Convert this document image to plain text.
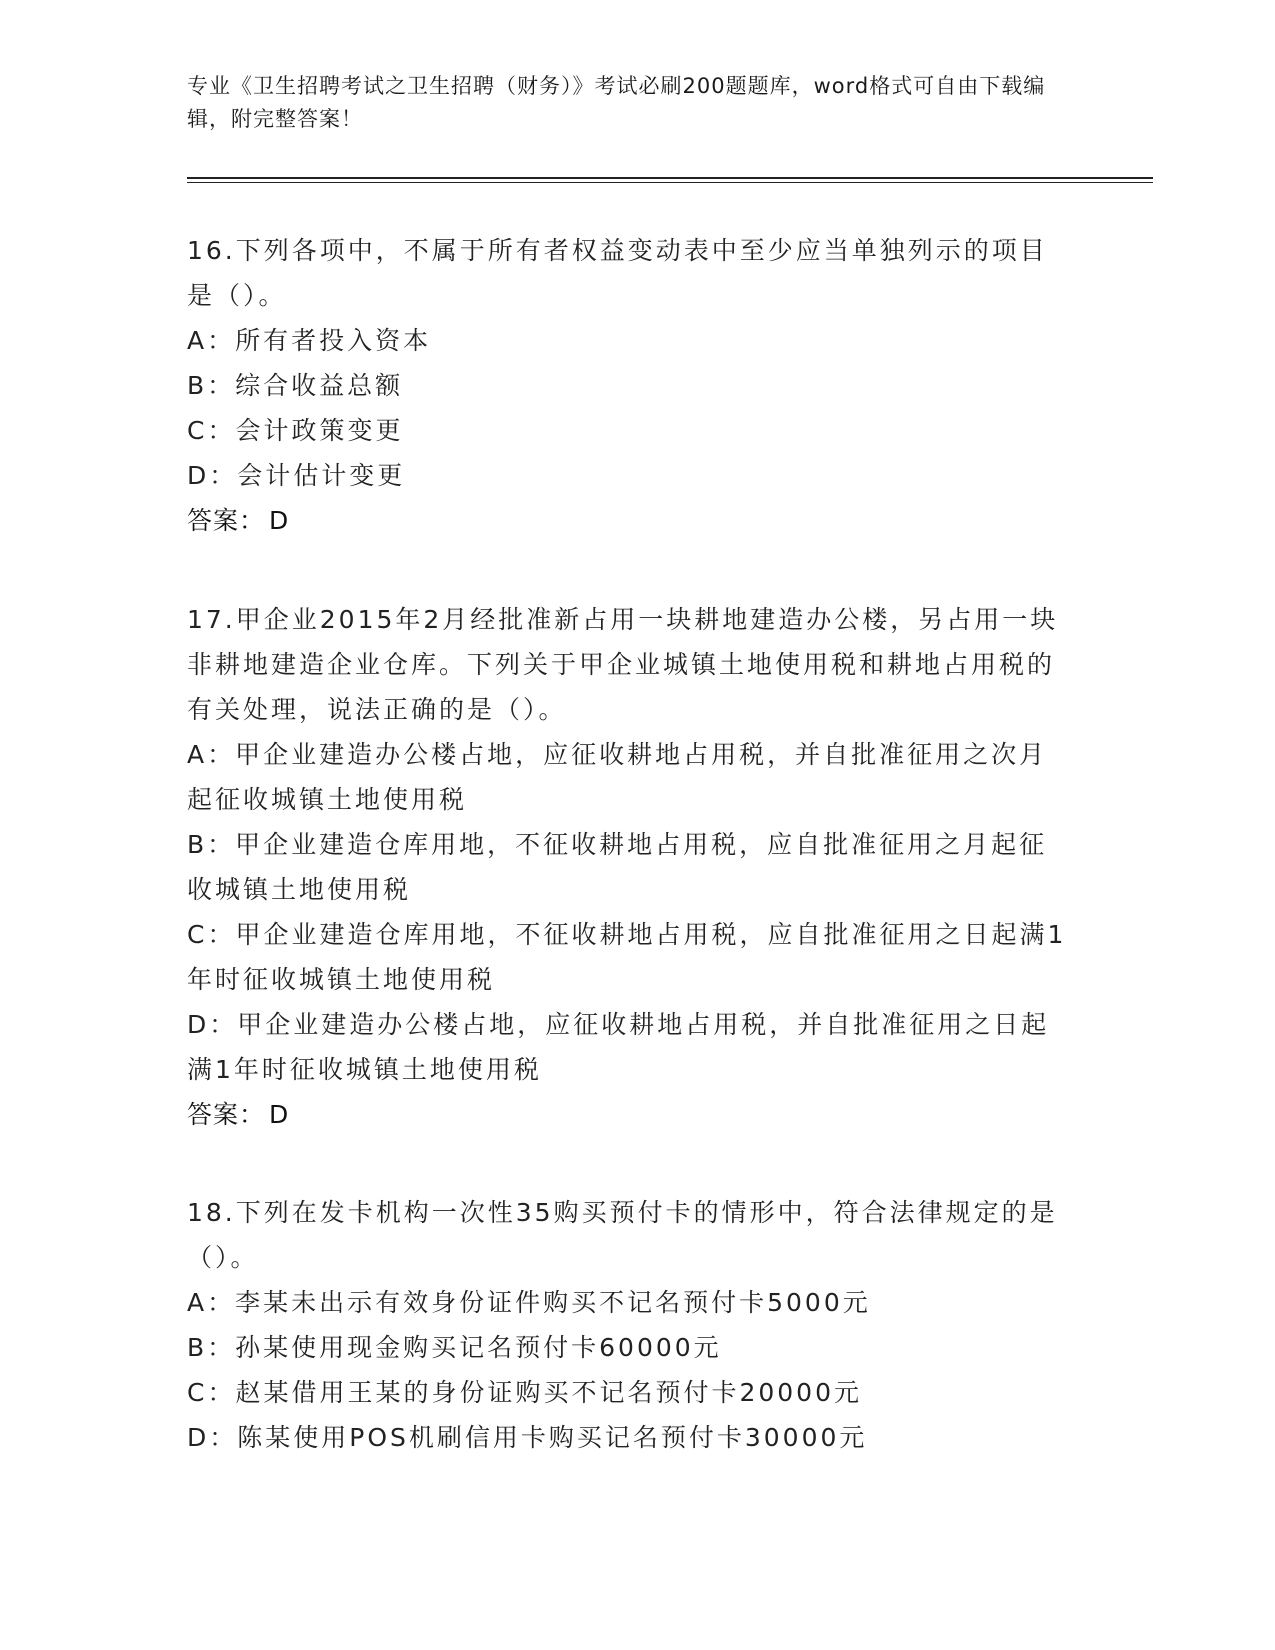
专业《卫生招聘考试之卫生招聘（财务）》考试必刷200题题库，word格式可自由下载编辑，附完整答案！

16.下列各项中，不属于所有者权益变动表中至少应当单独列示的项目是（）。

A：所有者投入资本

B：综合收益总额

C：会计政策变更

D：会计估计变更

答案： D

17.甲企业2015年2月经批准新占用一块耕地建造办公楼，另占用一块非耕地建造企业仓库。下列关于甲企业城镇土地使用税和耕地占用税的有关处理，说法正确的是（）。

A：甲企业建造办公楼占地，应征收耕地占用税，并自批准征用之次月起征收城镇土地使用税

B：甲企业建造仓库用地，不征收耕地占用税，应自批准征用之月起征收城镇土地使用税

C：甲企业建造仓库用地，不征收耕地占用税，应自批准征用之日起满1年时征收城镇土地使用税

D：甲企业建造办公楼占地，应征收耕地占用税，并自批准征用之日起满1年时征收城镇土地使用税

答案： D

18.下列在发卡机构一次性35购买预付卡的情形中，符合法律规定的是（）。

A：李某未出示有效身份证件购买不记名预付卡5000元

B：孙某使用现金购买记名预付卡60000元

C：赵某借用王某的身份证购买不记名预付卡20000元

D：陈某使用POS机刷信用卡购买记名预付卡30000元
